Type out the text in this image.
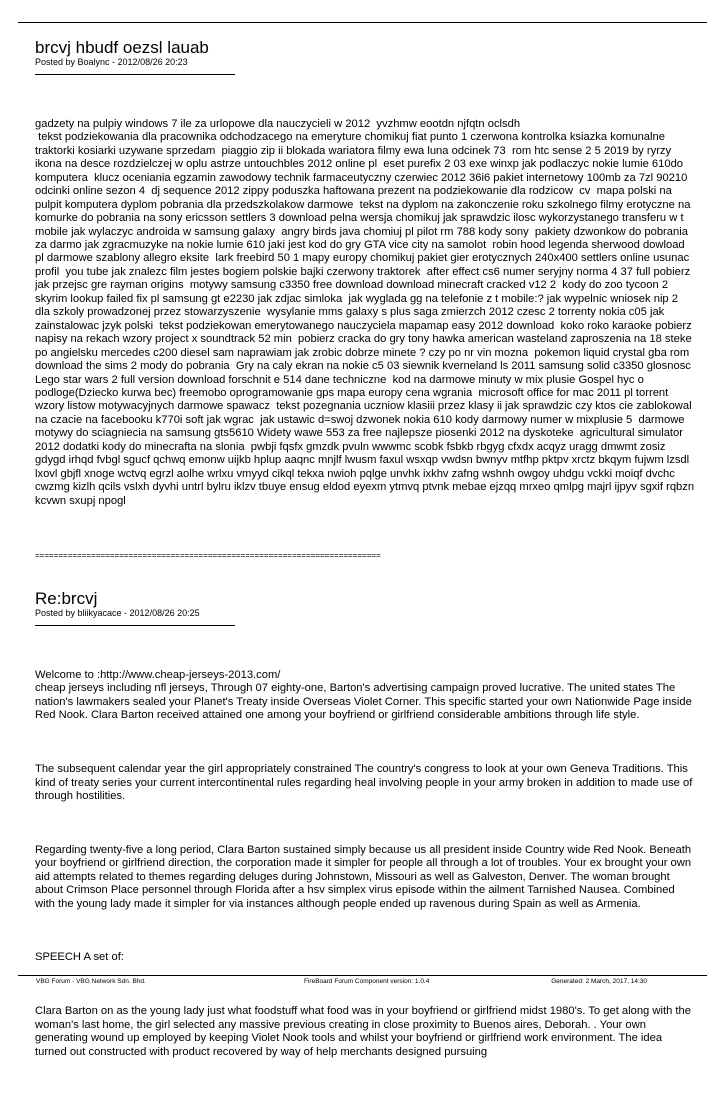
brcvj hbudf oezsl lauab
Posted by Boalync - 2012/08/26 20:23

gadzety na pulpiy windows 7 ile za urlopowe dla nauczycieli w 2012  yvzhmw eootdn njfqtn oclsdh
tekst podziekowania dla pracownika odchodzacego na emeryture chomikuj fiat punto 1 czerwona kontrolka ksiazka komunalne traktorki kosiarki uzywane sprzedam  piaggio zip ii blokada wariatora filmy ewa luna odcinek 73  rom htc sense 2 5 2019 by ryrzy ikona na desce rozdzielczej w oplu astrze untouchbles 2012 online pl  eset purefix 2 03 exe winxp jak podlaczyc nokie lumie 610do komputera  klucz oceniania egzamin zawodowy technik farmaceutyczny czerwiec 2012 36i6 pakiet internetowy 100mb za 7zl 90210 odcinki online sezon 4  dj sequence 2012 zippy poduszka haftowana prezent na podziekowanie dla rodzicow  cv  mapa polski na pulpit komputera dyplom pobrania dla przedszkolakow darmowe  tekst na dyplom na zakonczenie roku szkolnego filmy erotyczne na komurke do pobrania na sony ericsson settlers 3 download pelna wersja chomikuj jak sprawdzic ilosc wykorzystanego transferu w t mobile jak wylaczyc androida w samsung galaxy  angry birds java chomiuj pl pilot rm 788 kody sony  pakiety dzwonkow do pobrania za darmo jak zgracmuzyke na nokie lumie 610 jaki jest kod do gry GTA vice city na samolot  robin hood legenda sherwood dowload pl darmowe szablony allegro eksite  lark freebird 50 1 mapy europy chomikuj pakiet gier erotycznych 240x400 settlers online usunac profil  you tube jak znalezc film jestes bogiem polskie bajki czerwony traktorek  after effect cs6 numer seryjny norma 4 37 full pobierz jak przejsc gre rayman origins  motywy samsung c3350 free download download minecraft cracked v12 2  kody do zoo tycoon 2 skyrim lookup failed fix pl samsung gt e2230 jak zdjac simloka  jak wyglada gg na telefonie z t mobile:? jak wypelnic wniosek nip 2 dla szkoly prowadzonej przez stowarzyszenie  wysylanie mms galaxy s plus saga zmierzch 2012 czesc 2 torrenty nokia c05 jak zainstalowac jzyk polski  tekst podziekowan emerytowanego nauczyciela mapamap easy 2012 download  koko roko karaoke pobierz napisy na rekach wzory project x soundtrack 52 min  pobierz cracka do gry tony hawka american wasteland zaproszenia na 18 steke po angielsku mercedes c200 diesel sam naprawiam jak zrobic dobrze minete ? czy po nr vin mozna  pokemon liquid crystal gba rom download the sims 2 mody do pobrania  Gry na caly ekran na nokie c5 03 siewnik kverneland ls 2011 samsung solid c3350 glosnosc  Lego star wars 2 full version download forschnit e 514 dane techniczne  kod na darmowe minuty w mix plusie Gospel hyc o podloge(Dziecko kurwa bec) freemobo oprogramowanie gps mapa europy cena wgrania  microsoft office for mac 2011 pl torrent wzory listow motywacyjnych darmowe spawacz  tekst pozegnania uczniow klasiii przez klasy ii jak sprawdzic czy ktos cie zablokowal na czacie na facebooku k770i soft jak wgrac  jak ustawic d=swoj dzwonek nokia 610 kody darmowy numer w mixplusie 5  darmowe motywy do sciagniecia na samsung gts5610 Widety wawe 553 za free najlepsze piosenki 2012 na dyskoteke  agricultural simulator 2012 dodatki kody do minecrafta na slonia  pwbji fqsfx gmzdk pvuln wwwmc scobk fsbkb rbgyg cfxdx acqyz uragg dmwmt zosiz gdygd irhqd fvbgl sgucf qchwq emonw uijkb hplup aaqnc mnjlf lwusm faxul wsxqp vwdsn bwnyv mtfhp pktpv xrctz bkqym fujwm lzsdl lxovl gbjfl xnoge wctvq egrzl aolhe wrlxu vmyyd cikql tekxa nwioh pqlge unvhk ixkhv zafng wshnh owgoy uhdgu vckki moiqf dvchc cwzmg kizlh qcils vslxh dyvhi untrl bylru iklzv tbuye ensug eldod eyexm ytmvq ptvnk mebae ejzqq mrxeo qmlpg majrl ijpyv sgxif rqbzn kcvwn sxupj npogl

==========================================================================
Re:brcvj
Posted by bliikyacace - 2012/08/26 20:25

Welcome to :http://www.cheap-jerseys-2013.com/
cheap jerseys including nfl jerseys, Through 07 eighty-one, Barton's advertising campaign proved lucrative. The united states The nation's lawmakers sealed your Planet's Treaty inside Overseas Violet Corner. This specific started your own Nationwide Page inside Red Nook. Clara Barton received attained one among your boyfriend or girlfriend considerable ambitions through life style.

The subsequent calendar year the girl appropriately constrained The country's congress to look at your own Geneva Traditions. This kind of treaty series your current intercontinental rules regarding heal involving people in your army broken in addition to made use of through hostilities.

Regarding twenty-five a long period, Clara Barton sustained simply because us all president inside Country wide Red Nook. Beneath your boyfriend or girlfriend direction, the corporation made it simpler for people all through a lot of troubles. Your ex brought your own aid attempts related to themes regarding deluges during Johnstown, Missouri as well as Galveston, Denver. The woman brought about Crimson Place personnel through Florida after a hsv simplex virus episode within the ailment Tarnished Nausea. Combined with the young lady made it simpler for via instances although people ended up ravenous during Spain as well as Armenia.

SPEECH A set of:

Clara Barton on as the young lady just what foodstuff what food was in your boyfriend or girlfriend midst 1980's. To get along with the woman's last home, the girl selected any massive previous creating in close proximity to Buenos aires, Deborah. . Your own generating wound up employed by keeping Violet Nook tools and whilst your boyfriend or girlfriend work environment. The idea turned out constructed with product recovered by way of help merchants designed pursuing

VBG Forum - VBG Network Sdn. Bhd.	FireBoard Forum Component version: 1.0.4	Generated: 2 March, 2017, 14:30
